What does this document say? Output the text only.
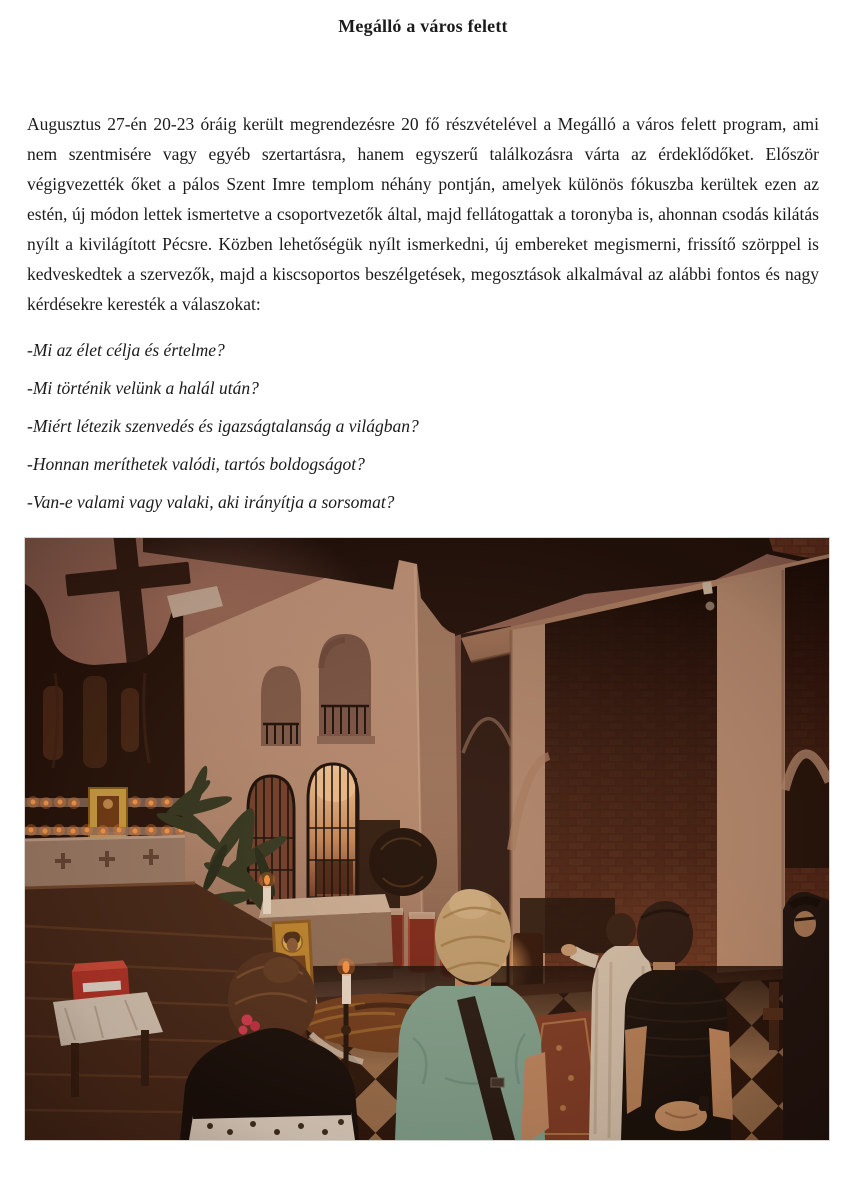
Megálló a város felett

Augusztus 27-én 20-23 óráig került megrendezésre 20 fő részvételével a Megálló a város felett program, ami nem szentmisére vagy egyéb szertartásra, hanem egyszerű találkozásra várta az érdeklődőket. Először végigvezették őket a pálos Szent Imre templom néhány pontján, amelyek különös fókuszba kerültek ezen az estén, új módon lettek ismertetve a csoportvezetők által, majd fellátogattak a toronyba is, ahonnan csodás kilátás nyílt a kivilágított Pécsre. Közben lehetőségük nyílt ismerkedni, új embereket megismerni, frissítő szörppel is kedveskedtek a szervezők, majd a kiscsoportos beszélgetések, megosztások alkalmával az alábbi fontos és nagy kérdésekre keresték a válaszokat:

-Mi az élet célja és értelme?

-Mi történik velünk a halál után?

-Miért létezik szenvedés és igazságtalanság a világban?

-Honnan meríthetek valódi, tartós boldogságot?

-Van-e valami vagy valaki, aki irányítja a sorsomat?
